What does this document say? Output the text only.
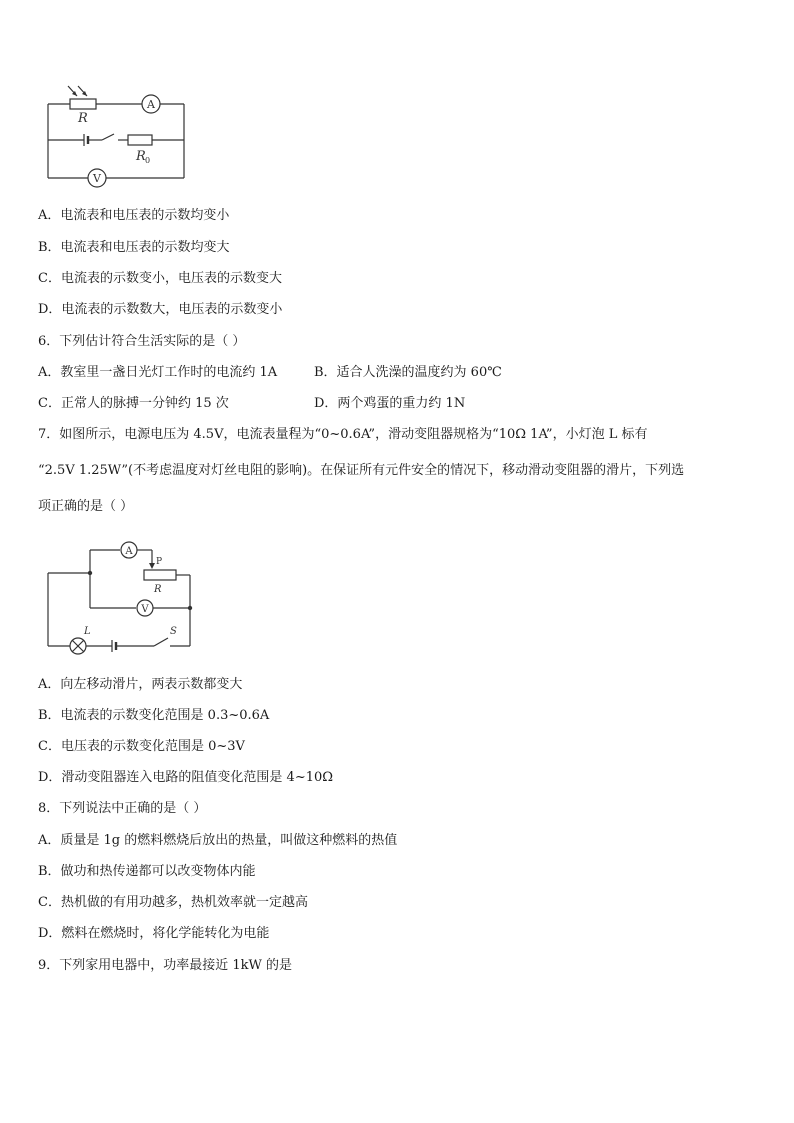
R
R 0
A
V
A．电流表和电压表的示数均变小
B．电流表和电压表的示数均变大
C．电流表的示数变小，电压表的示数变大
D．电流表的示数数大，电压表的示数变小
6．下列估计符合生活实际的是（ ）
A．教室里一盏日光灯工作时的电流约 1A	B．适合人洗澡的温度约为 60℃
C．正常人的脉搏一分钟约 15 次	D．两个鸡蛋的重力约 1N
7．如图所示，电源电压为 4.5V，电流表量程为“0~0.6A”，滑动变阻器规格为“10Ω 1A”，小灯泡 L 标有
“2.5V 1.25W”(不考虑温度对灯丝电阻的影响)。在保证所有元件安全的情况下，移动滑动变阻器的滑片，下列选
项正确的是（ ）
A
V
P
R
L	S
A．向左移动滑片，两表示数都变大
B．电流表的示数变化范围是 0.3~0.6A
C．电压表的示数变化范围是 0~3V
D．滑动变阻器连入电路的阻值变化范围是 4~10Ω
8．下列说法中正确的是（ ）
A．质量是 1g 的燃料燃烧后放出的热量，叫做这种燃料的热值
B．做功和热传递都可以改变物体内能
C．热机做的有用功越多，热机效率就一定越高
D．燃料在燃烧时，将化学能转化为电能
9．下列家用电器中，功率最接近 1kW 的是
